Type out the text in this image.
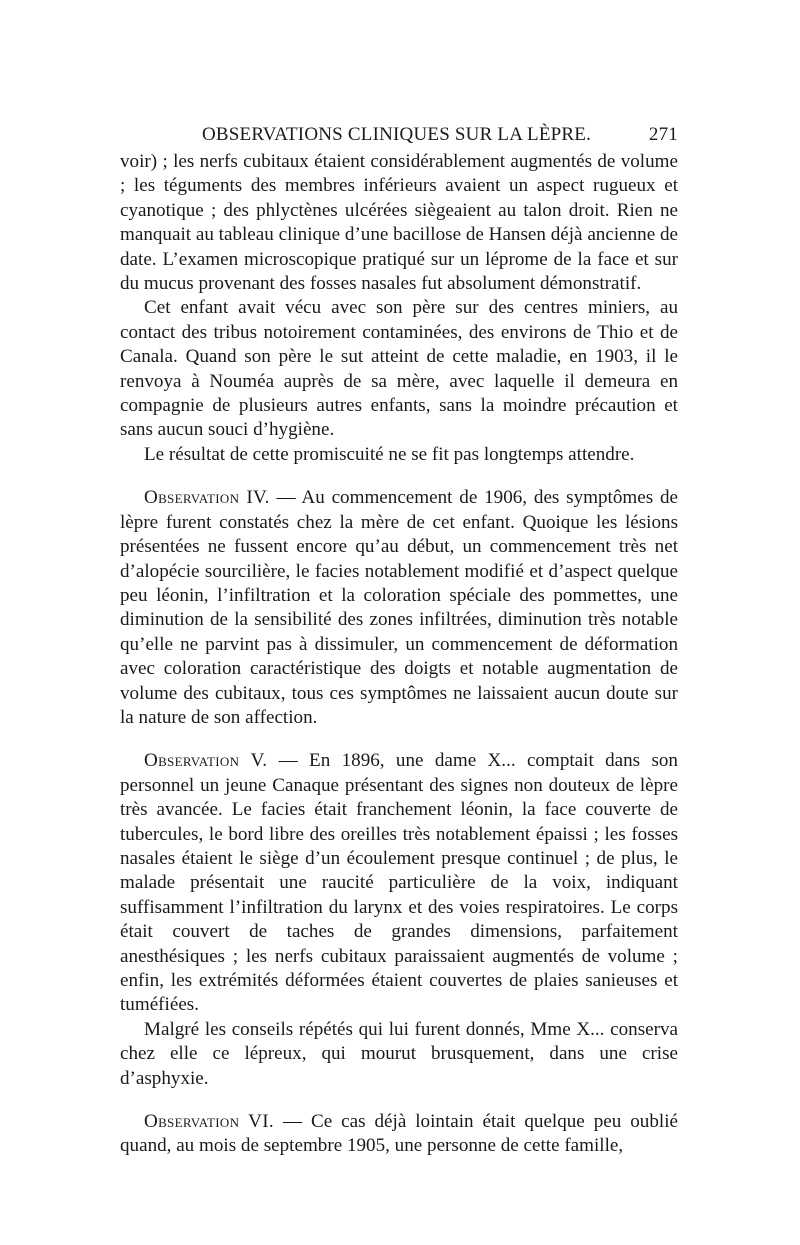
OBSERVATIONS CLINIQUES SUR LA LÈPRE.	271

voir) ; les nerfs cubitaux étaient considérablement augmentés de volume ; les téguments des membres inférieurs avaient un aspect rugueux et cyanotique ; des phlyctènes ulcérées siègeaient au talon droit. Rien ne manquait au tableau clinique d’une bacillose de Hansen déjà ancienne de date. L’examen microscopique pratiqué sur un lépromе de la face et sur du mucus provenant des fosses nasales fut absolument démonstratif.

Cet enfant avait vécu avec son père sur des centres miniers, au contact des tribus notoirement contaminées, des environs de Thio et de Canala. Quand son père le sut atteint de cette maladie, en 1903, il le renvoya à Nouméa auprès de sa mère, avec laquelle il demeura en compagnie de plusieurs autres enfants, sans la moindre précaution et sans aucun souci d’hygiène.

Le résultat de cette promiscuité ne se fit pas longtemps attendre.

Observation IV. — Au commencement de 1906, des symptômes de lèpre furent constatés chez la mère de cet enfant. Quoique les lésions présentées ne fussent encore qu’au début, un commencement très net d’alopécie sourcilière, le facies notablement modifié et d’aspect quelque peu léonin, l’infiltration et la coloration spéciale des pommettes, une diminution de la sensibilité des zones infiltrées, diminution très notable qu’elle ne parvint pas à dissimuler, un commencement de déformation avec coloration caractéristique des doigts et notable augmentation de volume des cubitaux, tous ces symptômes ne laissaient aucun doute sur la nature de son affection.

Observation V. — En 1896, une dame X... comptait dans son personnel un jeune Canaque présentant des signes non douteux de lèpre très avancée. Le facies était franchement léonin, la face couverte de tubercules, le bord libre des oreilles très notablement épaissi ; les fosses nasales étaient le siège d’un écoulement presque continuel ; de plus, le malade présentait une raucité particulière de la voix, indiquant suffisamment l’infiltration du larynx et des voies respiratoires. Le corps était couvert de taches de grandes dimensions, parfaitement anesthésiques ; les nerfs cubitaux paraissaient augmentés de volume ; enfin, les extrémités déformées étaient couvertes de plaies sanieuses et tuméfiées.

Malgré les conseils répétés qui lui furent donnés, Mme X... conserva chez elle ce lépreux, qui mourut brusquement, dans une crise d’asphyxie.

Observation VI. — Ce cas déjà lointain était quelque peu oublié quand, au mois de septembre 1905, une personne de cette famille,
